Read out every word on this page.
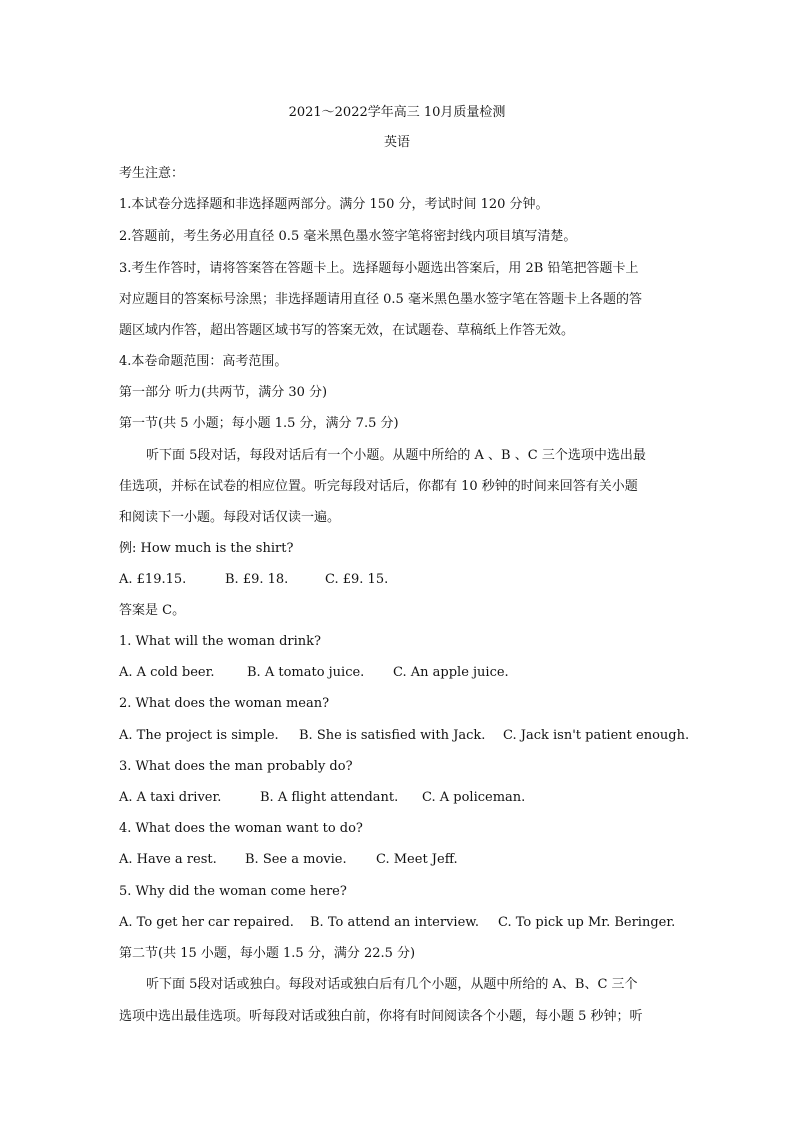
2021～2022学年高三 10月质量检测
英语
考生注意：
1.本试卷分选择题和非选择题两部分。满分 150 分，考试时间 120 分钟。
2.答题前，考生务必用直径 0.5 毫米黑色墨水签字笔将密封线内项目填写清楚。
3.考生作答时，请将答案答在答题卡上。选择题每小题选出答案后，用 2B 铅笔把答题卡上
对应题目的答案标号涂黑；非选择题请用直径 0.5 毫米黑色墨水签字笔在答题卡上各题的答
题区域内作答，超出答题区域书写的答案无效，在试题卷、草稿纸上作答无效。
4.本卷命题范围：高考范围。
第一部分 听力(共两节，满分 30 分)
第一节(共 5 小题；每小题 1.5 分，满分 7.5 分)
听下面 5段对话，每段对话后有一个小题。从题中所给的 A 、B 、C 三个选项中选出最
佳选项，并标在试卷的相应位置。听完每段对话后，你都有 10 秒钟的时间来回答有关小题
和阅读下一小题。每段对话仅读一遍。
例: How much is the shirt?
A. £19.15.	B. £9. 18.	C. £9. 15.
答案是 C。
1. What will the woman drink?
A. A cold beer. B. A tomato juice. C. An apple juice.
2. What does the woman mean?
A. The project is simple. B. She is satisfied with Jack. C. Jack isn't patient enough.
3. What does the man probably do?
A. A taxi driver.	B. A flight attendant. C. A policeman.
4. What does the woman want to do?
A. Have a rest. B. See a movie. C. Meet Jeff.
5. Why did the woman come here?
A. To get her car repaired. B. To attend an interview. C. To pick up Mr. Beringer.
第二节(共 15 小题，每小题 1.5 分，满分 22.5 分)
听下面 5段对话或独白。每段对话或独白后有几个小题，从题中所给的 A、B、C 三个
选项中选出最佳选项。听每段对话或独白前，你将有时间阅读各个小题，每小题 5 秒钟；听
